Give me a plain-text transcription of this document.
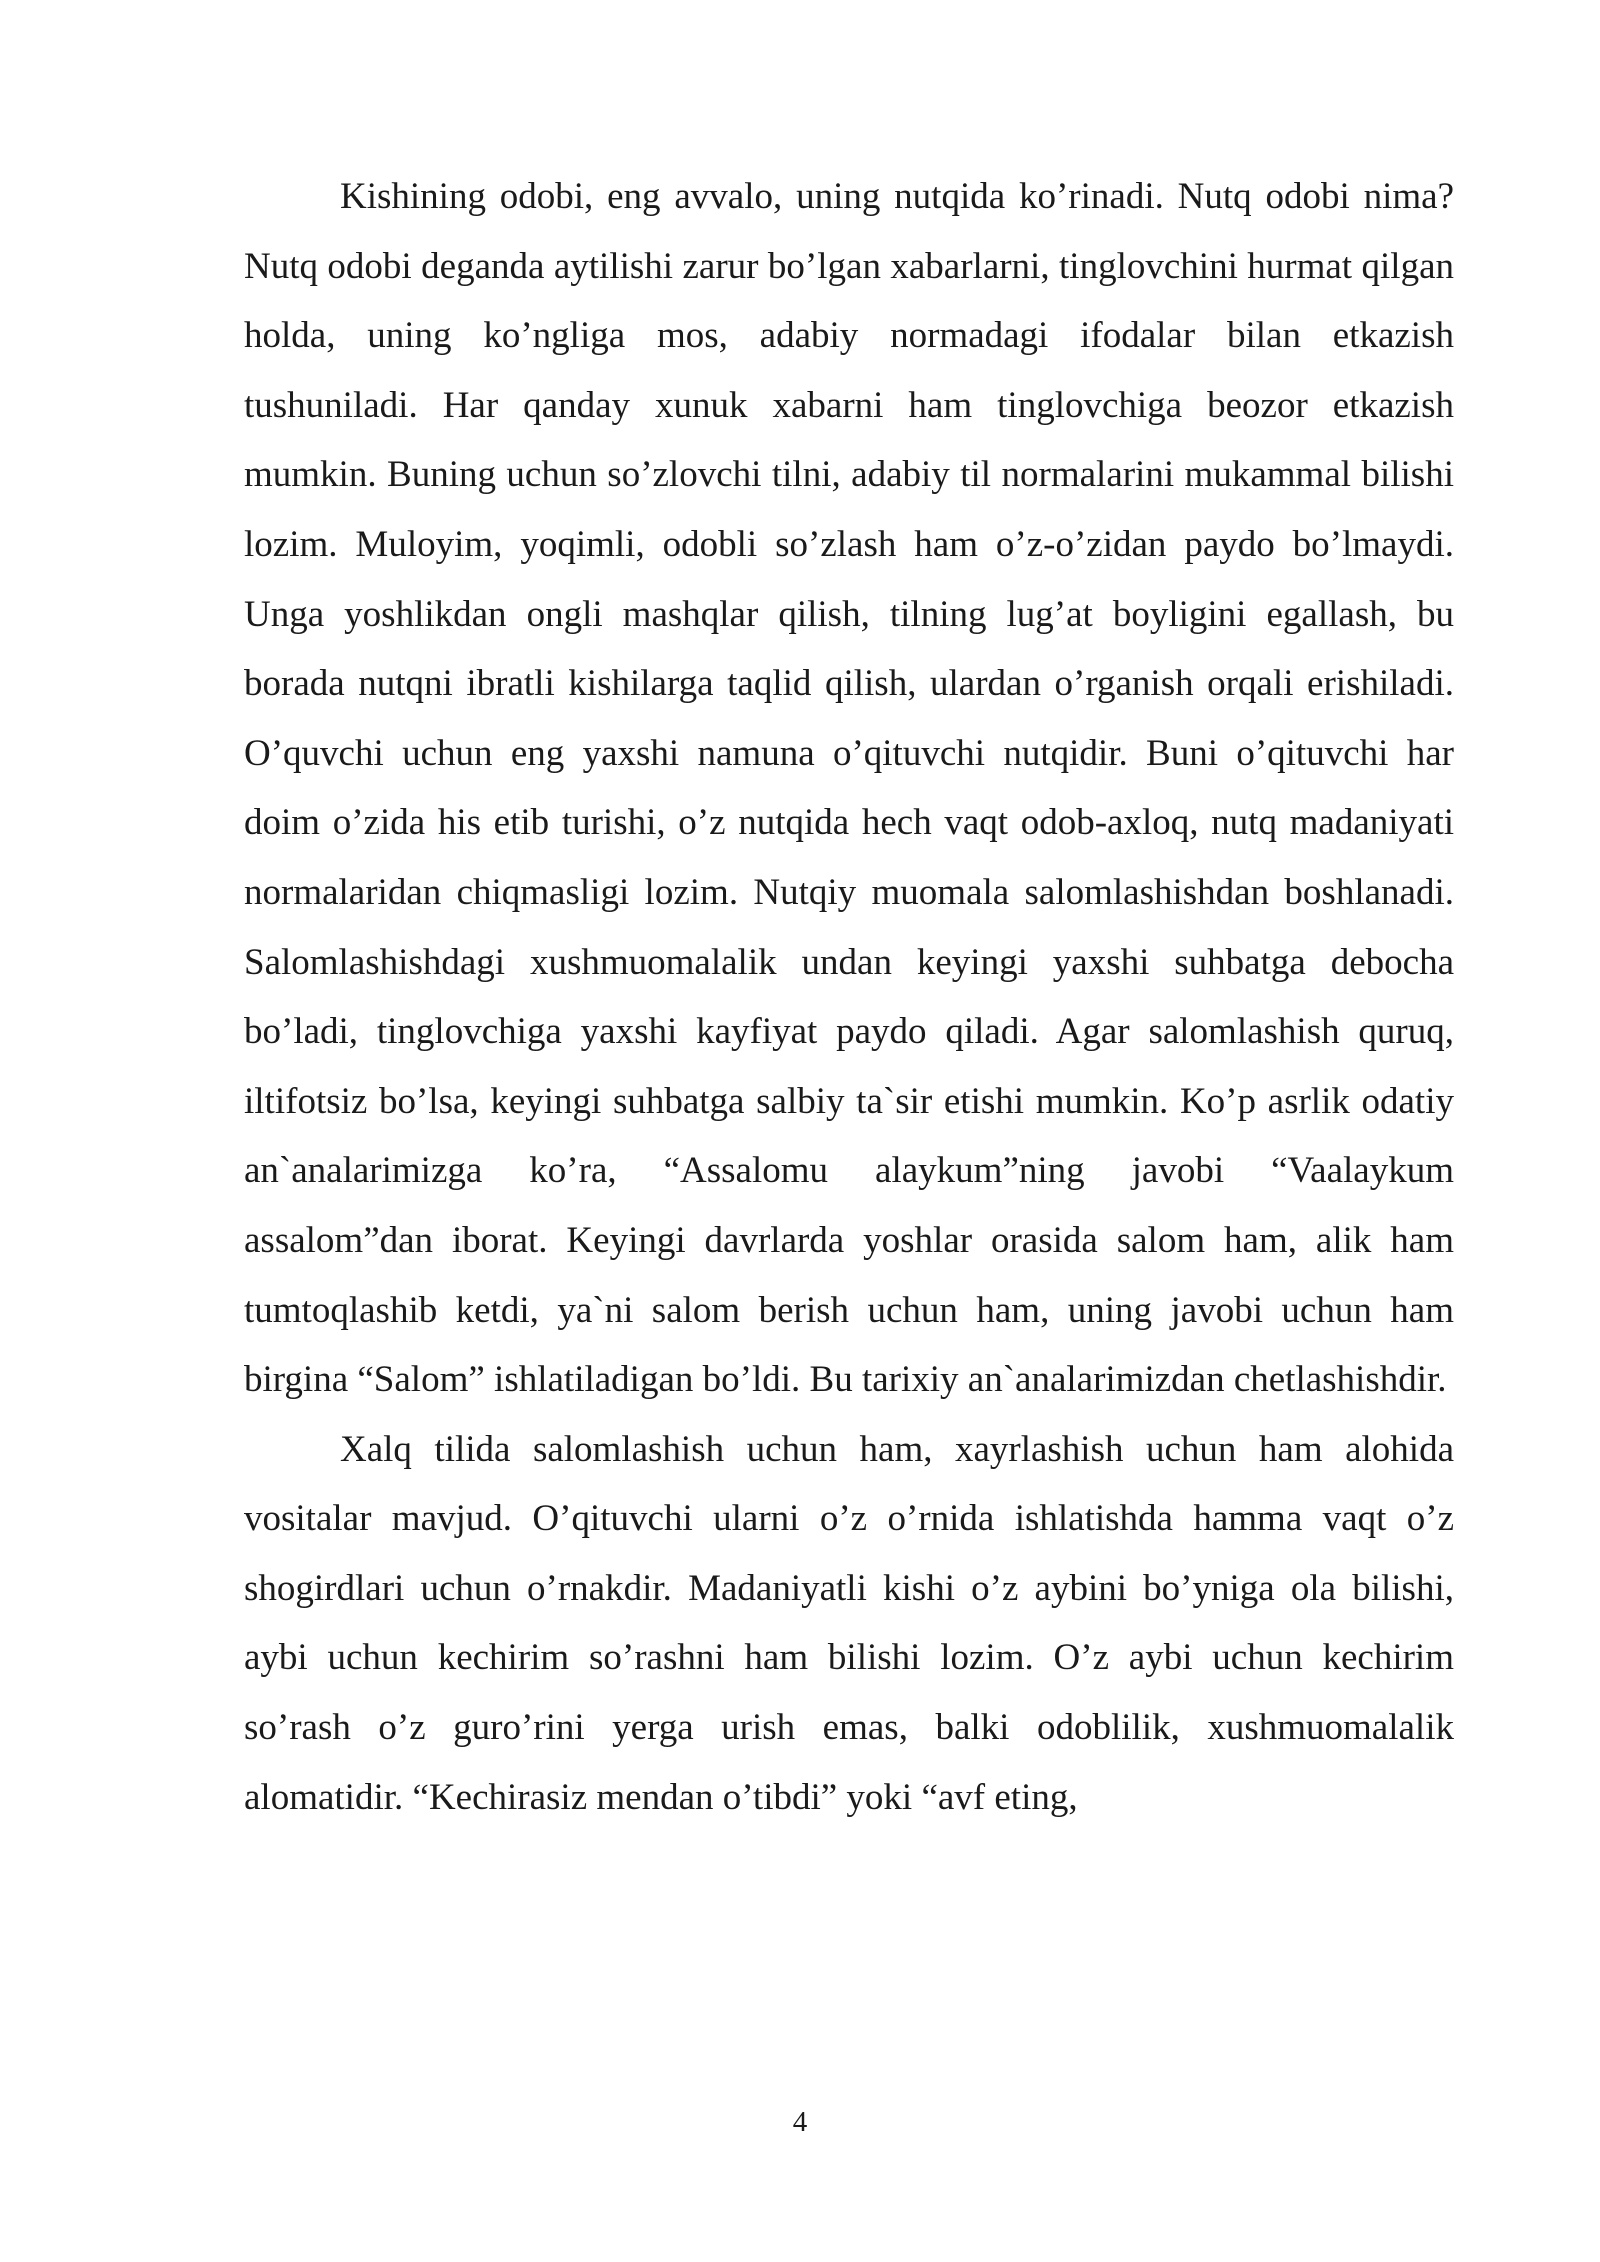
Kishining odobi, eng avvalo, uning nutqida ko’rinadi. Nutq odobi nima? Nutq odobi deganda aytilishi zarur bo’lgan xabarlarni, tinglovchini hurmat qilgan holda, uning ko’ngliga mos, adabiy normadagi ifodalar bilan etkazish tushuniladi. Har qanday xunuk xabarni ham tinglovchiga beozor etkazish mumkin. Buning uchun so’zlovchi tilni, adabiy til normalarini mukammal bilishi lozim. Muloyim, yoqimli, odobli so’zlash ham o’z-o’zidan paydo bo’lmaydi. Unga yoshlikdan ongli mashqlar qilish, tilning lug’at boyligini egallash, bu borada nutqni ibratli kishilarga taqlid qilish, ulardan o’rganish orqali erishiladi. O’quvchi uchun eng yaxshi namuna o’qituvchi nutqidir. Buni o’qituvchi har doim o’zida his etib turishi, o’z nutqida hech vaqt odob-axloq, nutq madaniyati normalaridan chiqmasligi lozim. Nutqiy muomala salomlashishdan boshlanadi. Salomlashishdagi xushmuomalalik undan keyingi yaxshi suhbatga debocha bo’ladi, tinglovchiga yaxshi kayfiyat paydo qiladi. Agar salomlashish quruq, iltifotsiz bo’lsa, keyingi suhbatga salbiy ta`sir etishi mumkin. Ko’p asrlik odatiy an`analarimizga ko’ra, “Assalomu alaykum”ning javobi “Vaalaykum assalom”dan iborat. Keyingi davrlarda yoshlar orasida salom ham, alik ham tumtoqlashib ketdi, ya`ni salom berish uchun ham, uning javobi uchun ham birgina “Salom” ishlatiladigan bo’ldi. Bu tarixiy an`analarimizdan chetlashishdir.

Xalq tilida salomlashish uchun ham, xayrlashish uchun ham alohida vositalar mavjud. O’qituvchi ularni o’z o’rnida ishlatishda hamma vaqt o’z shogirdlari uchun o’rnakdir. Madaniyatli kishi o’z aybini bo’yniga ola bilishi, aybi uchun kechirim so’rashni ham bilishi lozim. O’z aybi uchun kechirim so’rash o’z guro’rini yerga urish emas, balki odoblilik, xushmuomalalik alomatidir. “Kechirasiz mendan o’tibdi” yoki “avf eting,

4
